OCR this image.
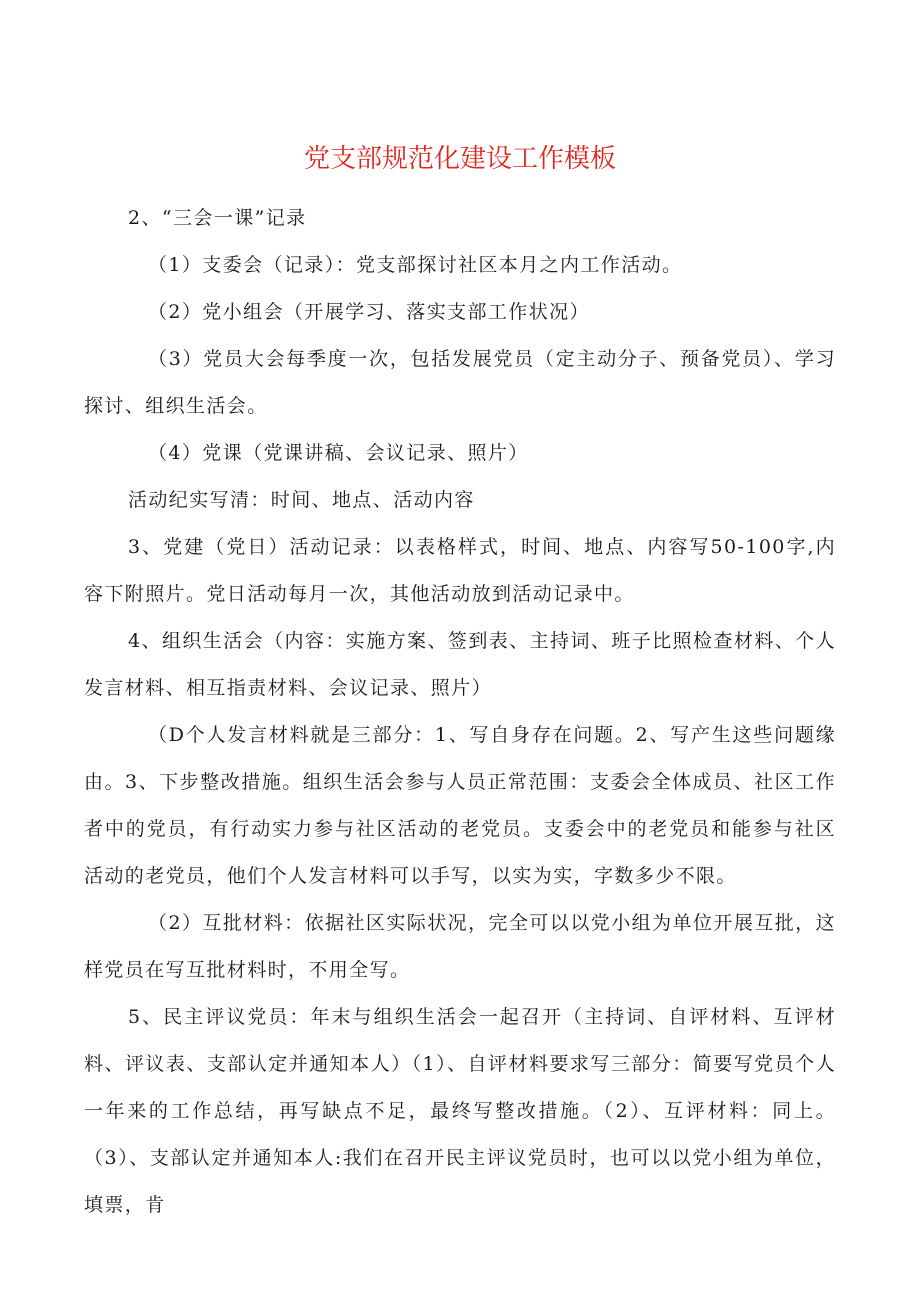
党支部规范化建设工作模板

2、“三会一课”记录

（1）支委会（记录）：党支部探讨社区本月之内工作活动。

（2）党小组会（开展学习、落实支部工作状况）

（3）党员大会每季度一次，包括发展党员（定主动分子、预备党员）、学习探讨、组织生活会。

（4）党课（党课讲稿、会议记录、照片）

活动纪实写清：时间、地点、活动内容

3、党建（党日）活动记录：以表格样式，时间、地点、内容写50-100字,内容下附照片。党日活动每月一次，其他活动放到活动记录中。

4、组织生活会（内容：实施方案、签到表、主持词、班子比照检查材料、个人发言材料、相互指责材料、会议记录、照片）

（D个人发言材料就是三部分：1、写自身存在问题。2、写产生这些问题缘由。3、下步整改措施。组织生活会参与人员正常范围：支委会全体成员、社区工作者中的党员，有行动实力参与社区活动的老党员。支委会中的老党员和能参与社区活动的老党员，他们个人发言材料可以手写，以实为实，字数多少不限。

（2）互批材料：依据社区实际状况，完全可以以党小组为单位开展互批，这样党员在写互批材料时，不用全写。

5、民主评议党员：年末与组织生活会一起召开（主持词、自评材料、互评材料、评议表、支部认定并通知本人）（1）、自评材料要求写三部分：简要写党员个人一年来的工作总结，再写缺点不足，最终写整改措施。（2）、互评材料：同上。（3）、支部认定并通知本人:我们在召开民主评议党员时，也可以以党小组为单位，填票，肯
